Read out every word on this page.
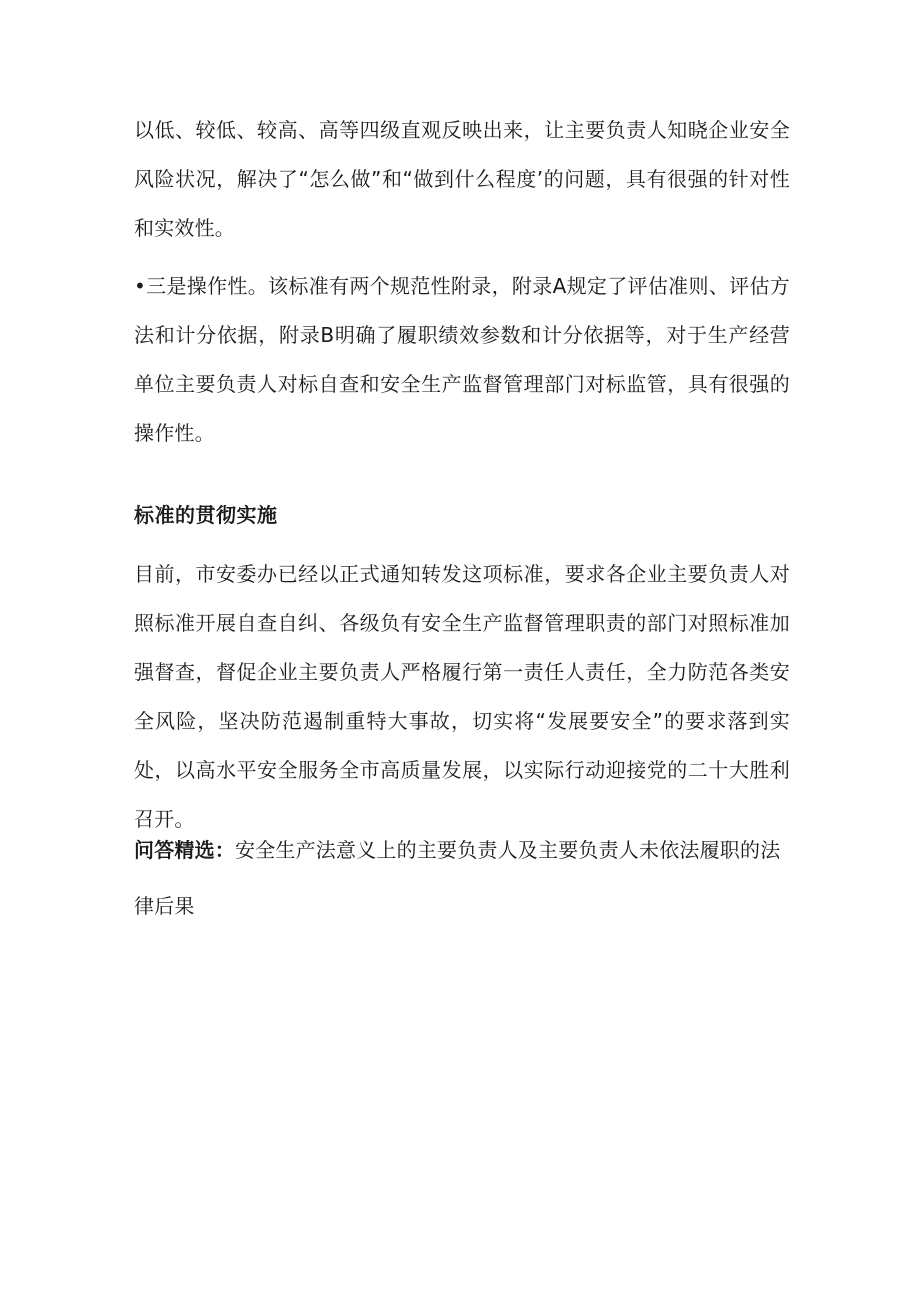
以低、较低、较高、高等四级直观反映出来，让主要负责人知晓企业安全风险状况，解决了“怎么做”和“做到什么程度’的问题，具有很强的针对性和实效性。

•三是操作性。该标准有两个规范性附录，附录A规定了评估准则、评估方法和计分依据，附录B明确了履职绩效参数和计分依据等，对于生产经营单位主要负责人对标自查和安全生产监督管理部门对标监管，具有很强的操作性。

标准的贯彻实施

目前，市安委办已经以正式通知转发这项标准，要求各企业主要负责人对照标准开展自查自纠、各级负有安全生产监督管理职责的部门对照标准加强督查，督促企业主要负责人严格履行第一责任人责任，全力防范各类安全风险，坚决防范遏制重特大事故，切实将“发展要安全”的要求落到实处，以高水平安全服务全市高质量发展，以实际行动迎接党的二十大胜利召开。

问答精选：安全生产法意义上的主要负责人及主要负责人未依法履职的法律后果
